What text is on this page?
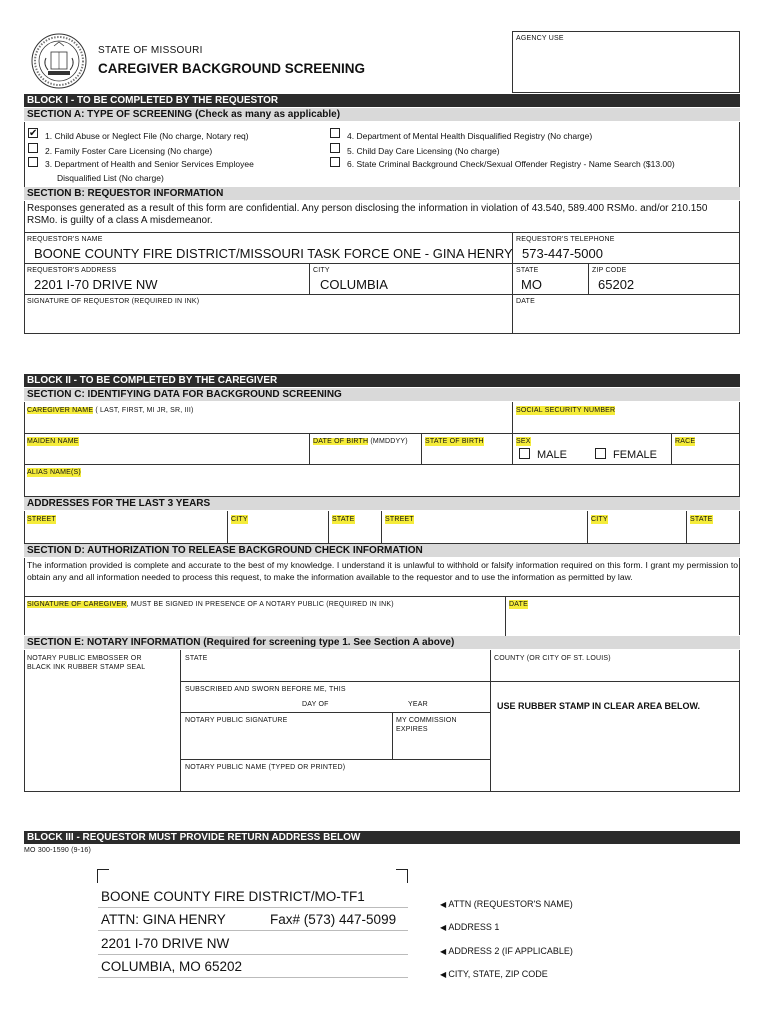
STATE OF MISSOURI
CAREGIVER BACKGROUND SCREENING
AGENCY USE
BLOCK I - TO BE COMPLETED BY THE REQUESTOR
SECTION A: TYPE OF SCREENING (Check as many as applicable)
✔ 1. Child Abuse or Neglect File (No charge, Notary req)
2. Family Foster Care Licensing (No charge)
3. Department of Health and Senior Services Employee
Disqualified List (No charge)
4. Department of Mental Health Disqualified Registry (No charge)
5. Child Day Care Licensing (No charge)
6. State Criminal Background Check/Sexual Offender Registry - Name Search ($13.00)
SECTION B: REQUESTOR INFORMATION
Responses generated as a result of this form are confidential. Any person disclosing the information in violation of 43.540, 589.400 RSMo. and/or 210.150 RSMo. is guilty of a class A misdemeanor.
REQUESTOR'S NAME
BOONE COUNTY FIRE DISTRICT/MISSOURI TASK FORCE ONE - GINA HENRY
REQUESTOR'S TELEPHONE
573-447-5000
REQUESTOR'S ADDRESS
2201 I-70 DRIVE NW
CITY
COLUMBIA
STATE
MO
ZIP CODE
65202
SIGNATURE OF REQUESTOR (REQUIRED IN INK)	DATE
BLOCK II - TO BE COMPLETED BY THE CAREGIVER
SECTION C: IDENTIFYING DATA FOR BACKGROUND SCREENING
CAREGIVER NAME ( LAST, FIRST, MI JR, SR, III)	SOCIAL SECURITY NUMBER
MAIDEN NAME	DATE OF BIRTH (MMDDYY) STATE OF BIRTH	SEX
MALE	FEMALE
RACE
ALIAS NAME(S)
ADDRESSES FOR THE LAST 3 YEARS
STREET	CITY	STATE	STREET	CITY	STATE
SECTION D: AUTHORIZATION TO RELEASE BACKGROUND CHECK INFORMATION
The information provided is complete and accurate to the best of my knowledge. I understand it is unlawful to withhold or falsify information required on this form. I grant my permission to obtain any and all information needed to process this request, to make the information available to the requestor and to use the information as permitted by law.
SIGNATURE OF CAREGIVER, MUST BE SIGNED IN PRESENCE OF A NOTARY PUBLIC (REQUIRED IN INK)	DATE
SECTION E: NOTARY INFORMATION (Required for screening type 1. See Section A above)
NOTARY PUBLIC EMBOSSER OR BLACK INK RUBBER STAMP SEAL
STATE	COUNTY (OR CITY OF ST. LOUIS)
SUBSCRIBED AND SWORN BEFORE ME, THIS
DAY OF	YEAR	USE RUBBER STAMP IN CLEAR AREA BELOW.
NOTARY PUBLIC SIGNATURE	MY COMMISSION EXPIRES
NOTARY PUBLIC NAME (TYPED OR PRINTED)
BLOCK III - REQUESTOR MUST PROVIDE RETURN ADDRESS BELOW
MO 300-1590 (9-16)
BOONE COUNTY FIRE DISTRICT/MO-TF1
ATTN: GINA HENRY	Fax# (573) 447-5099
2201 I-70 DRIVE NW
COLUMBIA, MO 65202
◀ ATTN (REQUESTOR'S NAME)
◀ ADDRESS 1
◀ ADDRESS 2 (IF APPLICABLE)
◀ CITY, STATE, ZIP CODE
